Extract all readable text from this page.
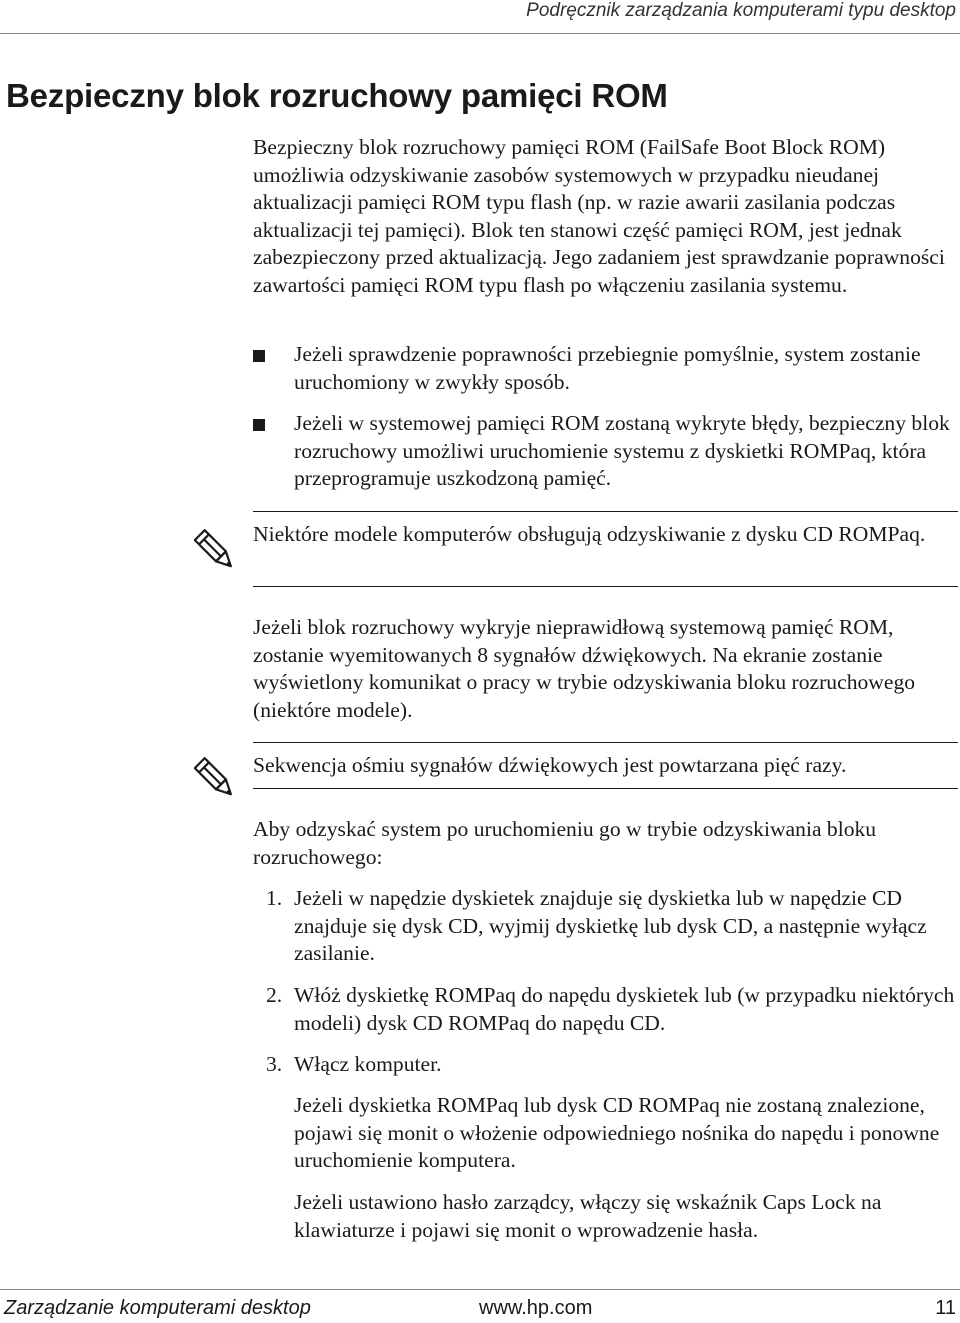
Podręcznik zarządzania komputerami typu desktop
Bezpieczny blok rozruchowy pamięci ROM

Bezpieczny blok rozruchowy pamięci ROM (FailSafe Boot Block ROM) umożliwia odzyskiwanie zasobów systemowych w przypadku nieudanej aktualizacji pamięci ROM typu flash (np. w razie awarii zasilania podczas aktualizacji tej pamięci). Blok ten stanowi część pamięci ROM, jest jednak zabezpieczony przed aktualizacją. Jego zadaniem jest sprawdzanie poprawności zawartości pamięci ROM typu flash po włączeniu zasilania systemu.

Jeżeli sprawdzenie poprawności przebiegnie pomyślnie, system zostanie uruchomiony w zwykły sposób.

Jeżeli w systemowej pamięci ROM zostaną wykryte błędy, bezpieczny blok rozruchowy umożliwi uruchomienie systemu z dyskietki ROMPaq, która przeprogramuje uszkodzoną pamięć.

Niektóre modele komputerów obsługują odzyskiwanie z dysku CD ROMPaq.

Jeżeli blok rozruchowy wykryje nieprawidłową systemową pamięć ROM, zostanie wyemitowanych 8 sygnałów dźwiękowych. Na ekranie zostanie wyświetlony komunikat o pracy w trybie odzyskiwania bloku rozruchowego (niektóre modele).

Sekwencja ośmiu sygnałów dźwiękowych jest powtarzana pięć razy.

Aby odzyskać system po uruchomieniu go w trybie odzyskiwania bloku rozruchowego:

1. Jeżeli w napędzie dyskietek znajduje się dyskietka lub w napędzie CD znajduje się dysk CD, wyjmij dyskietkę lub dysk CD, a następnie wyłącz zasilanie.

2. Włóż dyskietkę ROMPaq do napędu dyskietek lub (w przypadku niektórych modeli) dysk CD ROMPaq do napędu CD.

3. Włącz komputer.

Jeżeli dyskietka ROMPaq lub dysk CD ROMPaq nie zostaną znalezione, pojawi się monit o włożenie odpowiedniego nośnika do napędu i ponowne uruchomienie komputera.

Jeżeli ustawiono hasło zarządcy, włączy się wskaźnik Caps Lock na klawiaturze i pojawi się monit o wprowadzenie hasła.

Zarządzanie komputerami desktop	www.hp.com	11
